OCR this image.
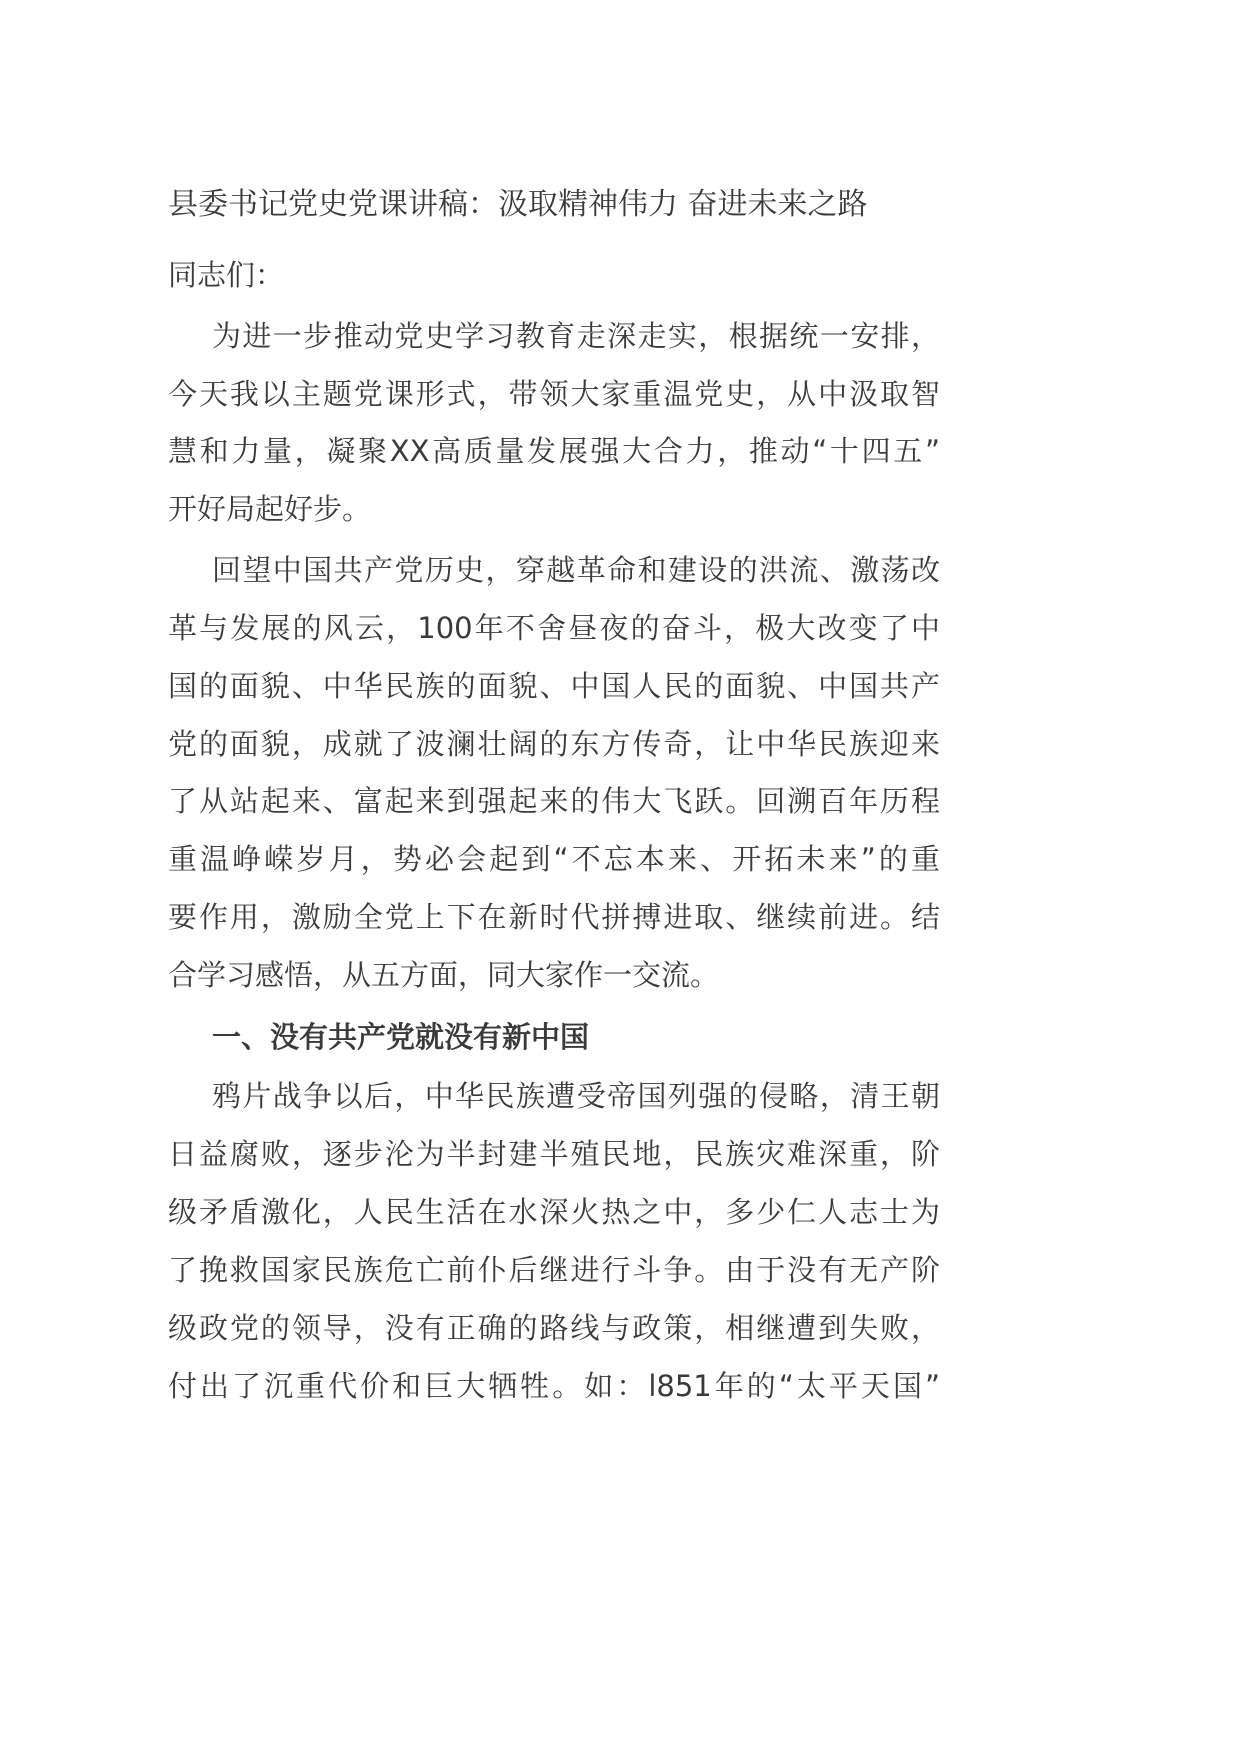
县委书记党史党课讲稿：汲取精神伟力 奋进未来之路
同志们：
为进一步推动党史学习教育走深走实，根据统一安排，
今天我以主题党课形式，带领大家重温党史，从中汲取智
慧和力量，凝聚XX高质量发展强大合力，推动“十四五”
开好局起好步。
回望中国共产党历史，穿越革命和建设的洪流、激荡改
革与发展的风云，100年不舍昼夜的奋斗，极大改变了中
国的面貌、中华民族的面貌、中国人民的面貌、中国共产
党的面貌，成就了波澜壮阔的东方传奇，让中华民族迎来
了从站起来、富起来到强起来的伟大飞跃。回溯百年历程
重温峥嵘岁月，势必会起到“不忘本来、开拓未来”的重
要作用，激励全党上下在新时代拼搏进取、继续前进。结
合学习感悟，从五方面，同大家作一交流。
一、没有共产党就没有新中国
鸦片战争以后，中华民族遭受帝国列强的侵略，清王朝
日益腐败，逐步沦为半封建半殖民地，民族灾难深重，阶
级矛盾激化，人民生活在水深火热之中，多少仁人志士为
了挽救国家民族危亡前仆后继进行斗争。由于没有无产阶
级政党的领导，没有正确的路线与政策，相继遭到失败，
付出了沉重代价和巨大牺牲。如：l851年的“太平天国”
